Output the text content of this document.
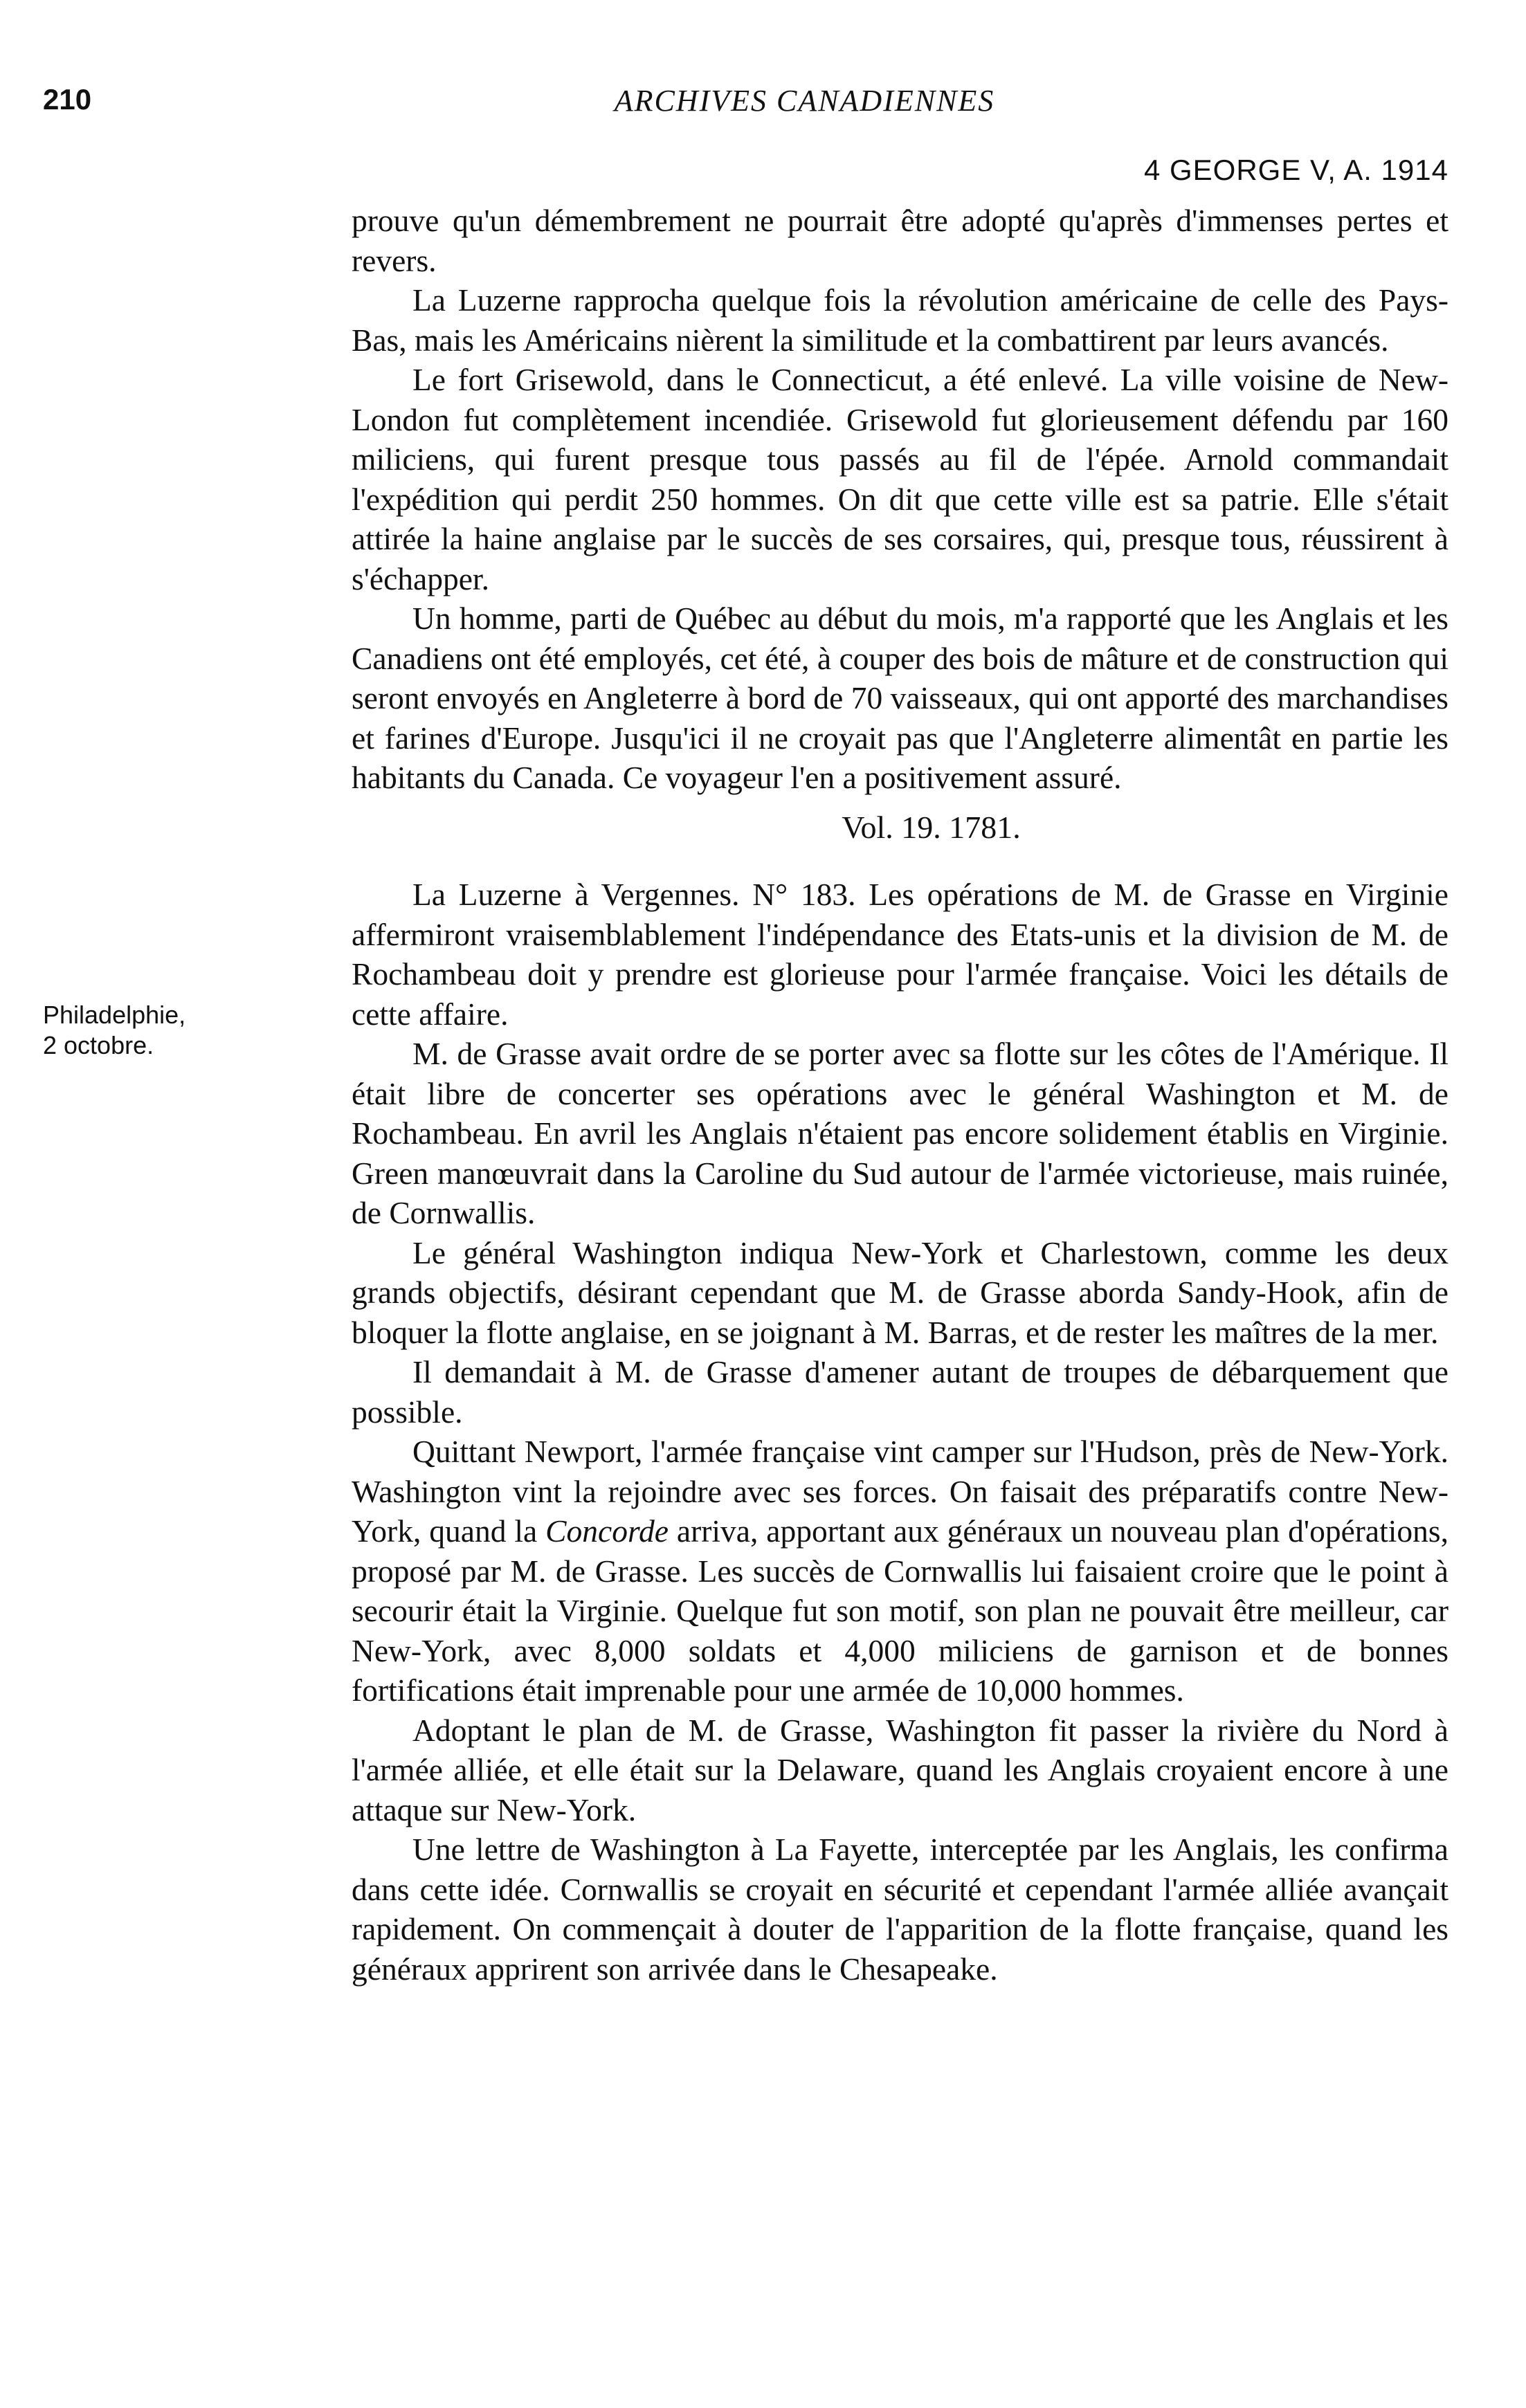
210	ARCHIVES CANADIENNES
4 GEORGE V, A. 1914
Philadelphie,
2 octobre.

prouve qu'un démembrement ne pourrait être adopté qu'après d'immenses pertes et revers.

La Luzerne rapprocha quelque fois la révolution américaine de celle des Pays-Bas, mais les Américains nièrent la similitude et la combattirent par leurs avancés.

Le fort Grisewold, dans le Connecticut, a été enlevé. La ville voisine de New-London fut complètement incendiée. Grisewold fut glorieusement défendu par 160 miliciens, qui furent presque tous passés au fil de l'épée. Arnold commandait l'expédition qui perdit 250 hommes. On dit que cette ville est sa patrie. Elle s'était attirée la haine anglaise par le succès de ses corsaires, qui, presque tous, réussirent à s'échapper.

Un homme, parti de Québec au début du mois, m'a rapporté que les Anglais et les Canadiens ont été employés, cet été, à couper des bois de mâture et de construction qui seront envoyés en Angleterre à bord de 70 vaisseaux, qui ont apporté des marchandises et farines d'Europe. Jusqu'ici il ne croyait pas que l'Angleterre alimentât en partie les habitants du Canada. Ce voyageur l'en a positivement assuré.

Vol. 19. 1781.

La Luzerne à Vergennes. N° 183. Les opérations de M. de Grasse en Virginie affermiront vraisemblablement l'indépendance des Etats-unis et la division de M. de Rochambeau doit y prendre est glorieuse pour l'armée française. Voici les détails de cette affaire.

M. de Grasse avait ordre de se porter avec sa flotte sur les côtes de l'Amérique. Il était libre de concerter ses opérations avec le général Washington et M. de Rochambeau. En avril les Anglais n'étaient pas encore solidement établis en Virginie. Green manœuvrait dans la Caroline du Sud autour de l'armée victorieuse, mais ruinée, de Cornwallis.

Le général Washington indiqua New-York et Charlestown, comme les deux grands objectifs, désirant cependant que M. de Grasse aborda Sandy-Hook, afin de bloquer la flotte anglaise, en se joignant à M. Barras, et de rester les maîtres de la mer.

Il demandait à M. de Grasse d'amener autant de troupes de débarquement que possible.

Quittant Newport, l'armée française vint camper sur l'Hudson, près de New-York. Washington vint la rejoindre avec ses forces. On faisait des préparatifs contre New-York, quand la Concorde arriva, apportant aux généraux un nouveau plan d'opérations, proposé par M. de Grasse. Les succès de Cornwallis lui faisaient croire que le point à secourir était la Virginie. Quelque fut son motif, son plan ne pouvait être meilleur, car New-York, avec 8,000 soldats et 4,000 miliciens de garnison et de bonnes fortifications était imprenable pour une armée de 10,000 hommes.

Adoptant le plan de M. de Grasse, Washington fit passer la rivière du Nord à l'armée alliée, et elle était sur la Delaware, quand les Anglais croyaient encore à une attaque sur New-York.

Une lettre de Washington à La Fayette, interceptée par les Anglais, les confirma dans cette idée. Cornwallis se croyait en sécurité et cependant l'armée alliée avançait rapidement. On commençait à douter de l'apparition de la flotte française, quand les généraux apprirent son arrivée dans le Chesapeake.
